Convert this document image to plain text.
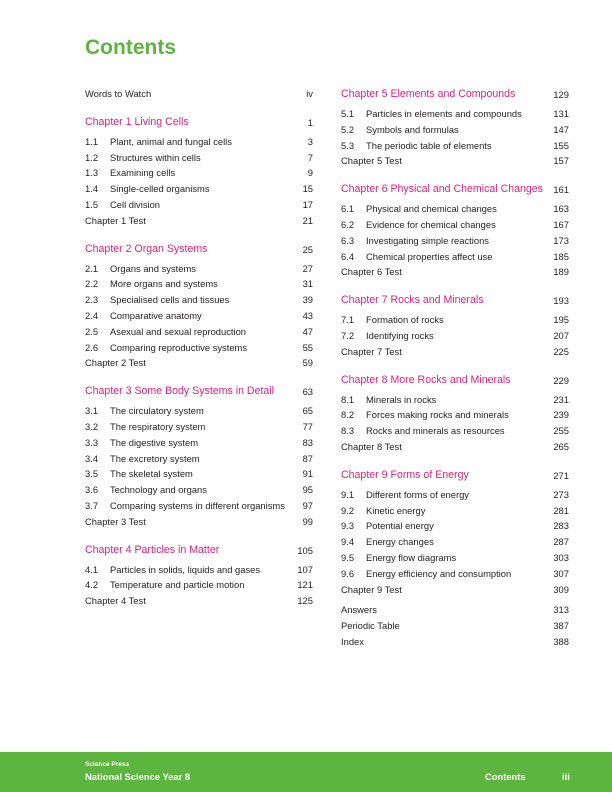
Contents
Words to Watch	iv
Chapter 1 Living Cells	1
1.1	Plant, animal and fungal cells	3
1.2	Structures within cells	7
1.3	Examining cells	9
1.4	Single-celled organisms	15
1.5	Cell division	17
Chapter 1 Test	21
Chapter 2 Organ Systems	25
2.1	Organs and systems	27
2.2	More organs and systems	31
2.3	Specialised cells and tissues	39
2.4	Comparative anatomy	43
2.5	Asexual and sexual reproduction	47
2.6	Comparing reproductive systems	55
Chapter 2 Test	59
Chapter 3 Some Body Systems in Detail	63
3.1	The circulatory system	65
3.2	The respiratory system	77
3.3	The digestive system	83
3.4	The excretory system	87
3.5	The skeletal system	91
3.6	Technology and organs	95
3.7	Comparing systems in different organisms	97
Chapter 3 Test	99
Chapter 4 Particles in Matter	105
4.1	Particles in solids, liquids and gases	107
4.2	Temperature and particle motion	121
Chapter 4 Test	125
Chapter 5 Elements and Compounds	129
5.1	Particles in elements and compounds	131
5.2	Symbols and formulas	147
5.3	The periodic table of elements	155
Chapter 5 Test	157
Chapter 6 Physical and Chemical Changes 161
6.1	Physical and chemical changes	163
6.2	Evidence for chemical changes	167
6.3	Investigating simple reactions	173
6.4	Chemical properties affect use	185
Chapter 6 Test	189
Chapter 7 Rocks and Minerals	193
7.1	Formation of rocks	195
7.2	Identifying rocks	207
Chapter 7 Test	225
Chapter 8 More Rocks and Minerals	229
8.1	Minerals in rocks	231
8.2	Forces making rocks and minerals	239
8.3	Rocks and minerals as resources	255
Chapter 8 Test	265
Chapter 9 Forms of Energy	271
9.1	Different forms of energy	273
9.2	Kinetic energy	281
9.3	Potential energy	283
9.4	Energy changes	287
9.5	Energy flow diagrams	303
9.6	Energy efficiency and consumption	307
Chapter 9 Test	309
Answers	313
Periodic Table	387
Index	388
Science Press
National Science Year 8	Contents	iii
